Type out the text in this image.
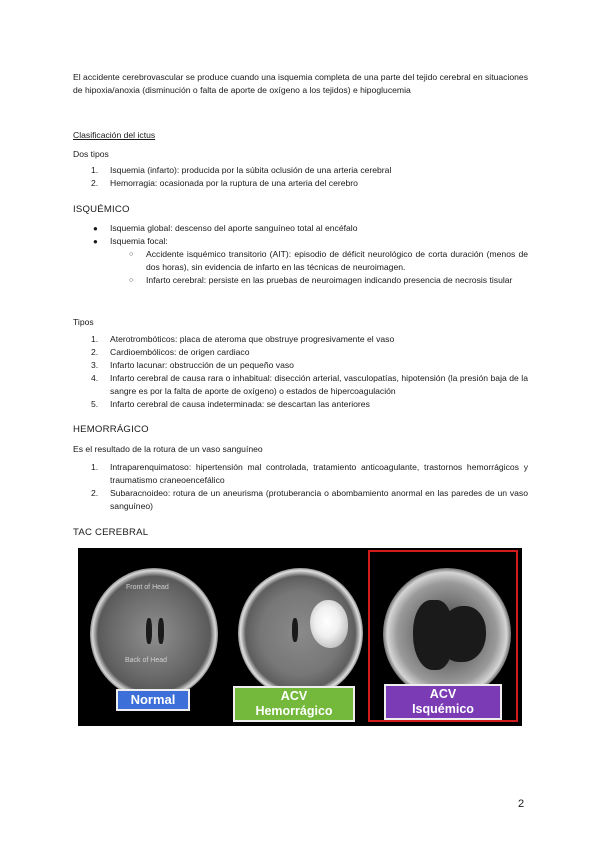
El accidente cerebrovascular se produce cuando una isquemia completa de una parte del tejido cerebral en situaciones de hipoxia/anoxia (disminución o falta de aporte de oxígeno a los tejidos) e hipoglucemia

Clasificación del ictus
Dos tipos
1. Isquemia (infarto): producida por la súbita oclusión de una arteria cerebral
2. Hemorragia: ocasionada por la ruptura de una arteria del cerebro
ISQUÉMICO
● Isquemia global: descenso del aporte sanguíneo total al encéfalo
● Isquemia focal:
○ Accidente isquémico transitorio (AIT): episodio de déficit neurológico de corta duración (menos de dos horas), sin evidencia de infarto en las técnicas de neuroimagen.
○ Infarto cerebral: persiste en las pruebas de neuroimagen indicando presencia de necrosis tisular
Tipos
1. Aterotrombóticos: placa de ateroma que obstruye progresivamente el vaso
2. Cardioembólicos: de origen cardiaco
3. Infarto lacunar: obstrucción de un pequeño vaso
4. Infarto cerebral de causa rara o inhabitual: disección arterial, vasculopatías, hipotensión (la presión baja de la sangre es por la falta de aporte de oxígeno) o estados de hipercoagulación
5. Infarto cerebral de causa indeterminada: se descartan las anteriores
HEMORRÁGICO
Es el resultado de la rotura de un vaso sanguíneo
1. Intraparenquimatoso: hipertensión mal controlada, tratamiento anticoagulante, trastornos hemorrágicos y traumatismo craneoencefálico
2. Subaracnoideo: rotura de un aneurisma (protuberancia o abombamiento anormal en las paredes de un vaso sanguíneo)
TAC CEREBRAL
Front of Head
Back of Head
Normal	ACV
Hemorrágico
ACV
Isquémico
2
